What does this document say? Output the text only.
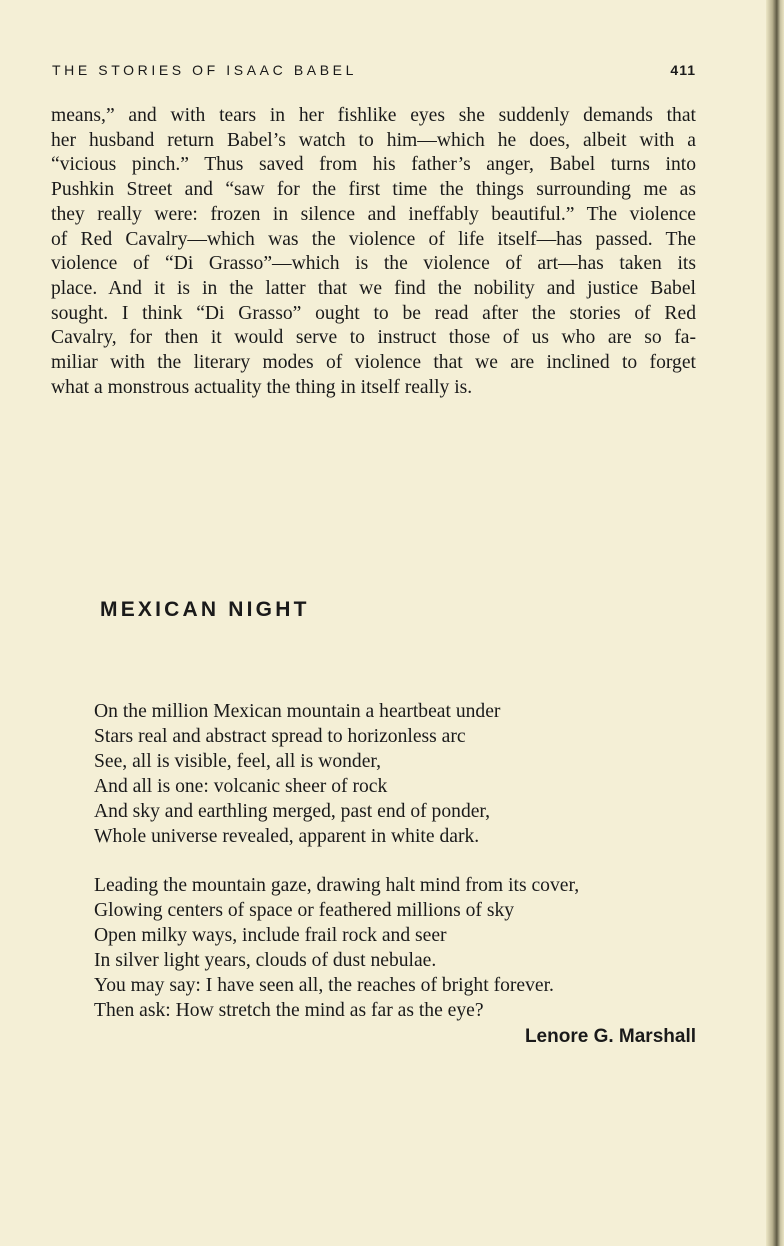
THE STORIES OF ISAAC BABEL	411

means,” and with tears in her fishlike eyes she suddenly demands that
her husband return Babel’s watch to him—which he does, albeit with a
“vicious pinch.” Thus saved from his father’s anger, Babel turns into
Pushkin Street and “saw for the first time the things surrounding me as
they really were: frozen in silence and ineffably beautiful.” The violence
of Red Cavalry—which was the violence of life itself—has passed. The
violence of “Di Grasso”—which is the violence of art—has taken its
place. And it is in the latter that we find the nobility and justice Babel
sought. I think “Di Grasso” ought to be read after the stories of Red
Cavalry, for then it would serve to instruct those of us who are so fa-
miliar with the literary modes of violence that we are inclined to forget
what a monstrous actuality the thing in itself really is.

MEXICAN NIGHT

On the million Mexican mountain a heartbeat under
Stars real and abstract spread to horizonless arc
See, all is visible, feel, all is wonder,
And all is one: volcanic sheer of rock
And sky and earthling merged, past end of ponder,
Whole universe revealed, apparent in white dark.

Leading the mountain gaze, drawing halt mind from its cover,
Glowing centers of space or feathered millions of sky
Open milky ways, include frail rock and seer
In silver light years, clouds of dust nebulae.
You may say: I have seen all, the reaches of bright forever.
Then ask: How stretch the mind as far as the eye?

Lenore G. Marshall
